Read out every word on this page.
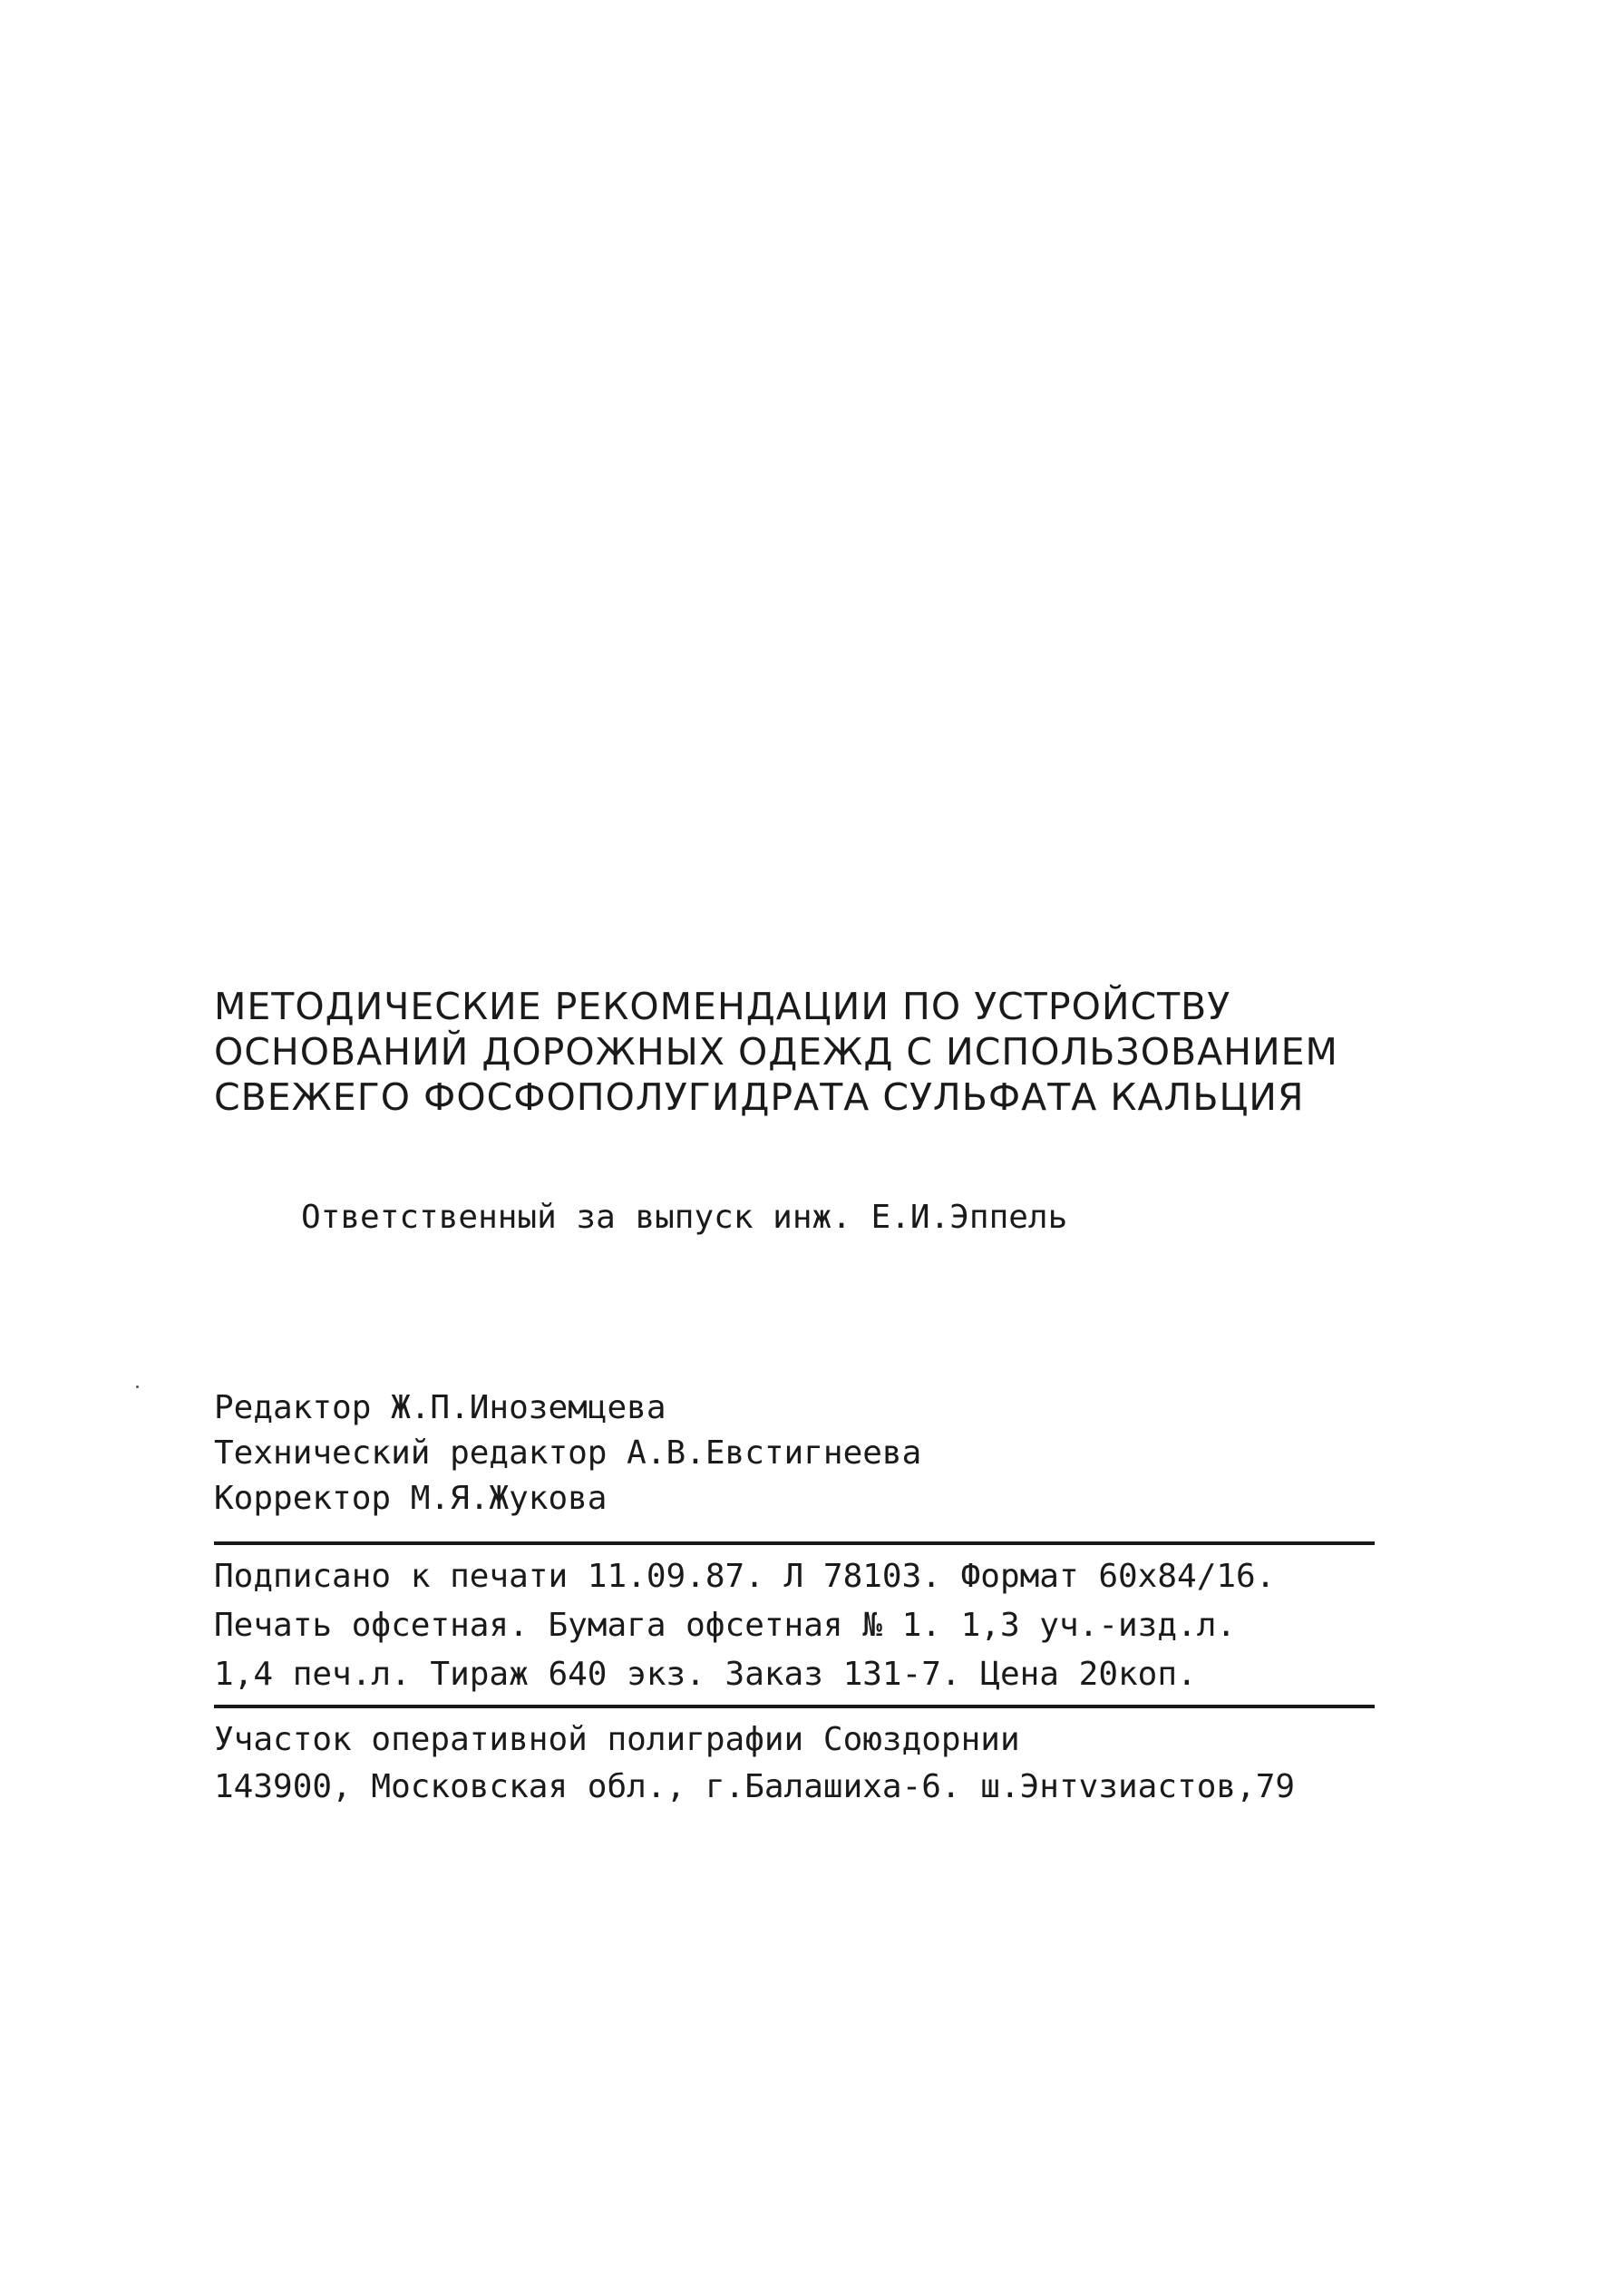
МЕТОДИЧЕСКИЕ РЕКОМЕНДАЦИИ ПО УСТРОЙСТВУ
ОСНОВАНИЙ ДОРОЖНЫХ ОДЕЖД С ИСПОЛЬЗОВАНИЕМ
СВЕЖЕГО ФОСФОПОЛУГИДРАТА СУЛЬФАТА КАЛЬЦИЯ
Ответственный за выпуск инж. Е.И.Эппель
Редактор Ж.П.Иноземцева
Технический редактор А.В.Евстигнеева
Корректор М.Я.Жукова
Подписано к печати 11.09.87. Л 78103. Формат 60х84/16.
Печать офсетная. Бумага офсетная № 1. 1,3 уч.-изд.л.
1,4 печ.л. Тираж 640 экз. Заказ 131-7. Цена 20коп.
Участок оперативной полиграфии Союздорнии
143900, Московская обл., г.Балашиха-6. ш.Энтvзиастов,79
